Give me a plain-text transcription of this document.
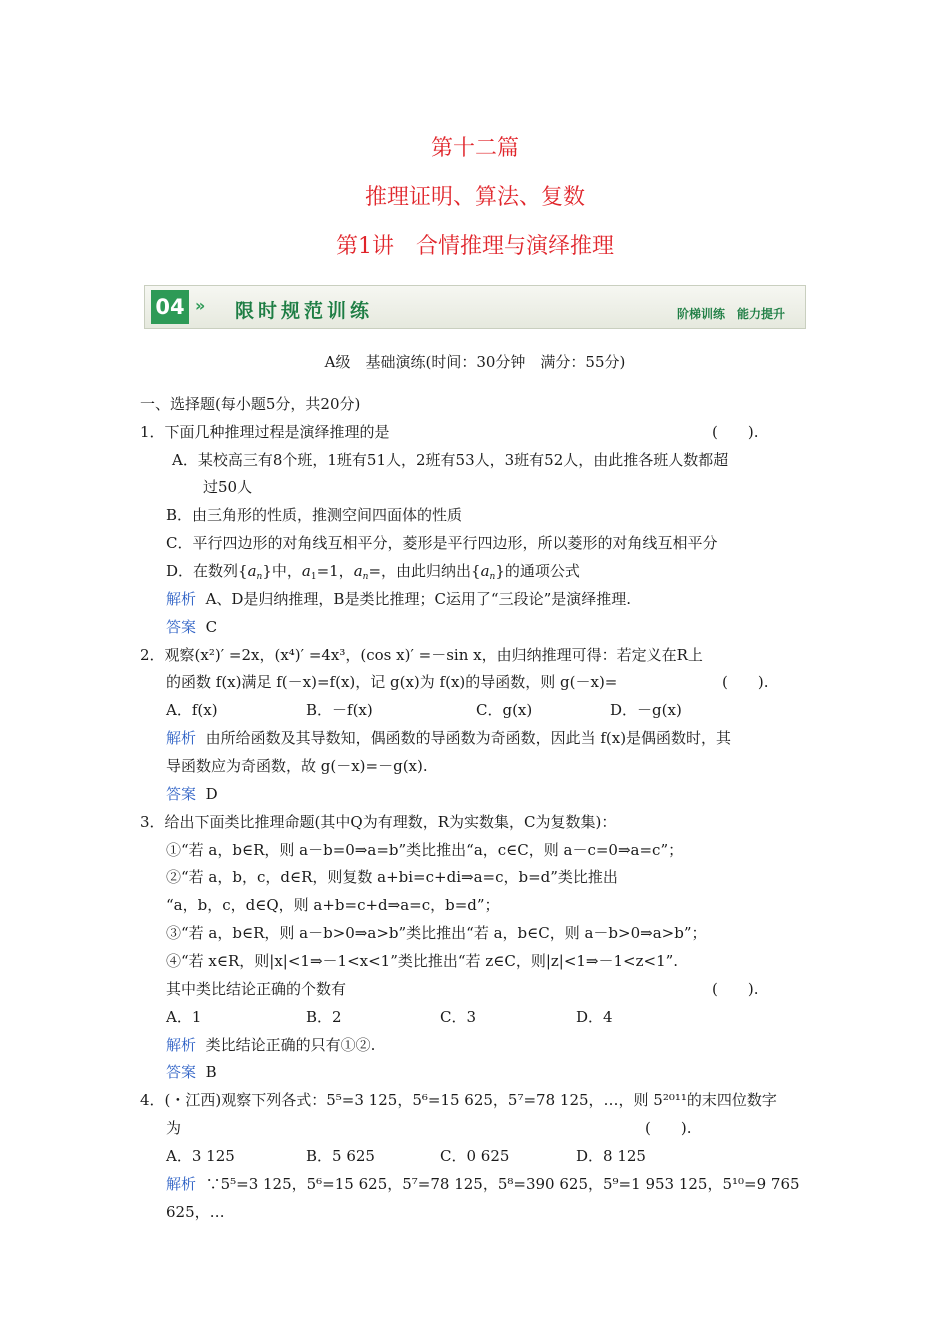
第十二篇
推理证明、算法、复数
第1讲　合情推理与演绎推理
04 » 限时规范训练	阶梯训练　能力提升
A级　基础演练(时间：30分钟　满分：55分)
一、选择题(每小题5分，共20分)
1．下面几种推理过程是演绎推理的是	(　　).
A．某校高三有8个班，1班有51人，2班有53人，3班有52人，由此推各班人数都超
过50人
B．由三角形的性质，推测空间四面体的性质
C．平行四边形的对角线互相平分，菱形是平行四边形，所以菱形的对角线互相平分
D．在数列$\{a_n\}$中，$a_1=1$，$a_n=$，由此归纳出$\{a_n\}$的通项公式
解析 A、D是归纳推理，B是类比推理；C运用了“三段论”是演绎推理.
答案 C
2．观察(x²)′ =2x，(x⁴)′ =4x³，(cos x)′ =－sin x，由归纳推理可得：若定义在R上
的函数 f(x)满足 f(－x)=f(x)，记 g(x)为 f(x)的导函数，则 g(－x)=	(　　).
A．f(x)	B．－f(x)	C．g(x)	D．－g(x)
解析 由所给函数及其导数知，偶函数的导函数为奇函数，因此当 f(x)是偶函数时，其
导函数应为奇函数，故 g(－x)=－g(x).
答案 D
3．给出下面类比推理命题(其中Q为有理数，R为实数集，C为复数集)：
①“若 a，b∈R，则 a－b=0⇒a=b”类比推出“a，c∈C，则 a－c=0⇒a=c”；
②“若 a，b，c，d∈R，则复数 a+bi=c+di⇒a=c，b=d”类比推出
“a，b，c，d∈Q，则 a+b=c+d⇒a=c，b=d”；
③“若 a，b∈R，则 a－b>0⇒a>b”类比推出“若 a，b∈C，则 a－b>0⇒a>b”；
④“若 x∈R，则|x|<1⇒－1<x<1”类比推出“若 z∈C，则|z|<1⇒－1<z<1”.
其中类比结论正确的个数有	(　　).
A．1	B．2	C．3	D．4
解析 类比结论正确的只有①②.
答案 B
4．(・江西)观察下列各式：5⁵=3 125，5⁶=15 625，5⁷=78 125，…，则 5²⁰¹¹的末四位数字
为	(　　).
A．3 125	B．5 625	C．0 625	D．8 125
解析 ∵5⁵=3 125，5⁶=15 625，5⁷=78 125，5⁸=390 625，5⁹=1 953 125，5¹⁰=9 765
625，…
